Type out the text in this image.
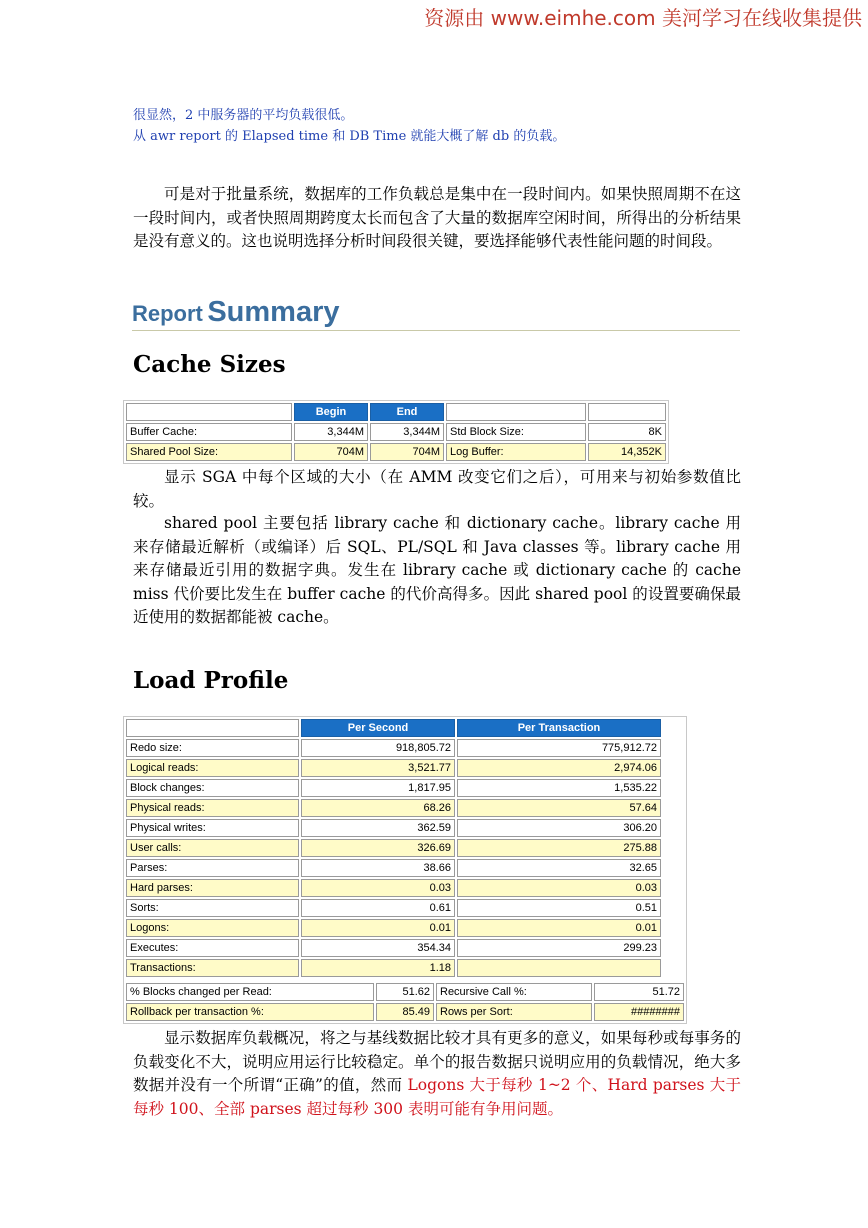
资源由 www.eimhe.com 美河学习在线收集提供
很显然，2 中服务器的平均负载很低。
从 awr report 的 Elapsed time 和 DB Time 就能大概了解 db 的负载。
可是对于批量系统，数据库的工作负载总是集中在一段时间内。如果快照周期不在这一段时间内，或者快照周期跨度太长而包含了大量的数据库空闲时间，所得出的分析结果是没有意义的。这也说明选择分析时间段很关键，要选择能够代表性能问题的时间段。
Report Summary
Cache Sizes
	Begin	End		
Buffer Cache:	3,344M	3,344M	Std Block Size:	8K
Shared Pool Size:	704M	704M	Log Buffer:	14,352K
显示 SGA 中每个区域的大小（在 AMM 改变它们之后），可用来与初始参数值比较。
shared pool 主要包括 library cache 和 dictionary cache。library cache 用来存储最近解析（或编译）后 SQL、PL/SQL 和 Java classes 等。library cache 用来存储最近引用的数据字典。发生在 library cache 或 dictionary cache 的 cache miss 代价要比发生在 buffer cache 的代价高得多。因此 shared pool 的设置要确保最近使用的数据都能被 cache。
Load Profile
	Per Second	Per Transaction
Redo size:	918,805.72	775,912.72
Logical reads:	3,521.77	2,974.06
Block changes:	1,817.95	1,535.22
Physical reads:	68.26	57.64
Physical writes:	362.59	306.20
User calls:	326.69	275.88
Parses:	38.66	32.65
Hard parses:	0.03	0.03
Sorts:	0.61	0.51
Logons:	0.01	0.01
Executes:	354.34	299.23
Transactions:	1.18	
% Blocks changed per Read:	51.62	Recursive Call %:	51.72
Rollback per transaction %:	85.49	Rows per Sort:	########
显示数据库负载概况，将之与基线数据比较才具有更多的意义，如果每秒或每事务的负载变化不大，说明应用运行比较稳定。单个的报告数据只说明应用的负载情况，绝大多数据并没有一个所谓“正确”的值，然而 Logons 大于每秒 1~2 个、Hard parses 大于每秒 100、全部 parses 超过每秒 300 表明可能有争用问题。
